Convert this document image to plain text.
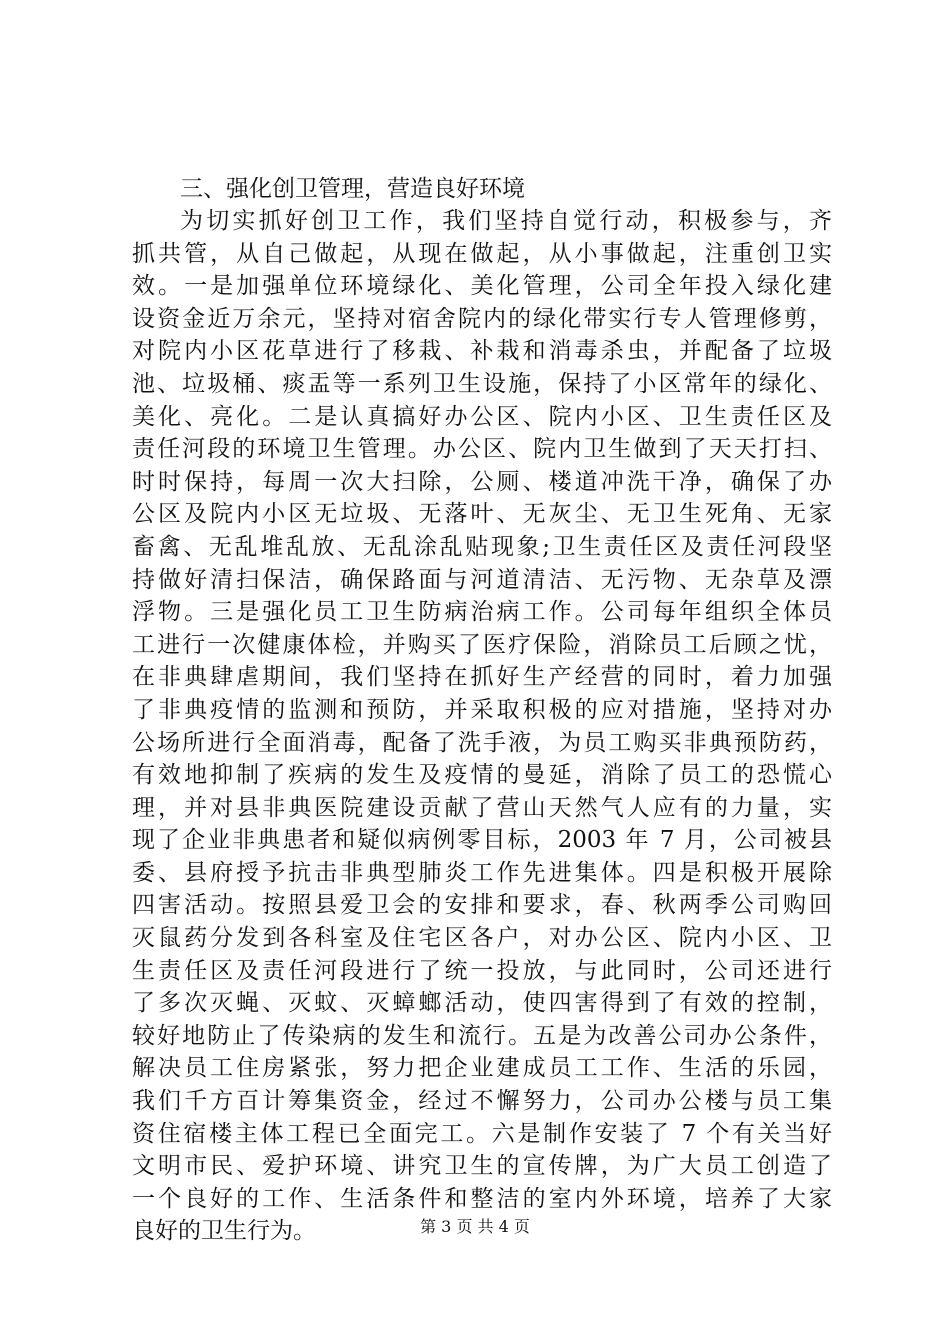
三、强化创卫管理，营造良好环境
为切实抓好创卫工作，我们坚持自觉行动，积极参与，齐
抓共管，从自己做起，从现在做起，从小事做起，注重创卫实
效。一是加强单位环境绿化、美化管理，公司全年投入绿化建
设资金近万余元，坚持对宿舍院内的绿化带实行专人管理修剪，
对院内小区花草进行了移栽、补栽和消毒杀虫，并配备了垃圾
池、垃圾桶、痰盂等一系列卫生设施，保持了小区常年的绿化、
美化、亮化。二是认真搞好办公区、院内小区、卫生责任区及
责任河段的环境卫生管理。办公区、院内卫生做到了天天打扫、
时时保持，每周一次大扫除，公厕、楼道冲洗干净，确保了办
公区及院内小区无垃圾、无落叶、无灰尘、无卫生死角、无家
畜禽、无乱堆乱放、无乱涂乱贴现象;卫生责任区及责任河段坚
持做好清扫保洁，确保路面与河道清洁、无污物、无杂草及漂
浮物。三是强化员工卫生防病治病工作。公司每年组织全体员
工进行一次健康体检，并购买了医疗保险，消除员工后顾之忧，
在非典肆虐期间，我们坚持在抓好生产经营的同时，着力加强
了非典疫情的监测和预防，并采取积极的应对措施，坚持对办
公场所进行全面消毒，配备了洗手液，为员工购买非典预防药，
有效地抑制了疾病的发生及疫情的曼延，消除了员工的恐慌心
理，并对县非典医院建设贡献了营山天然气人应有的力量，实
现了企业非典患者和疑似病例零目标，2003 年 7 月，公司被县
委、县府授予抗击非典型肺炎工作先进集体。四是积极开展除
四害活动。按照县爱卫会的安排和要求，春、秋两季公司购回
灭鼠药分发到各科室及住宅区各户，对办公区、院内小区、卫
生责任区及责任河段进行了统一投放，与此同时，公司还进行
了多次灭蝇、灭蚊、灭蟑螂活动，使四害得到了有效的控制，
较好地防止了传染病的发生和流行。五是为改善公司办公条件，
解决员工住房紧张，努力把企业建成员工工作、生活的乐园，
我们千方百计筹集资金，经过不懈努力，公司办公楼与员工集
资住宿楼主体工程已全面完工。六是制作安装了 7 个有关当好
文明市民、爱护环境、讲究卫生的宣传牌，为广大员工创造了
一个良好的工作、生活条件和整洁的室内外环境，培养了大家
良好的卫生行为。	第 3 页 共 4 页
